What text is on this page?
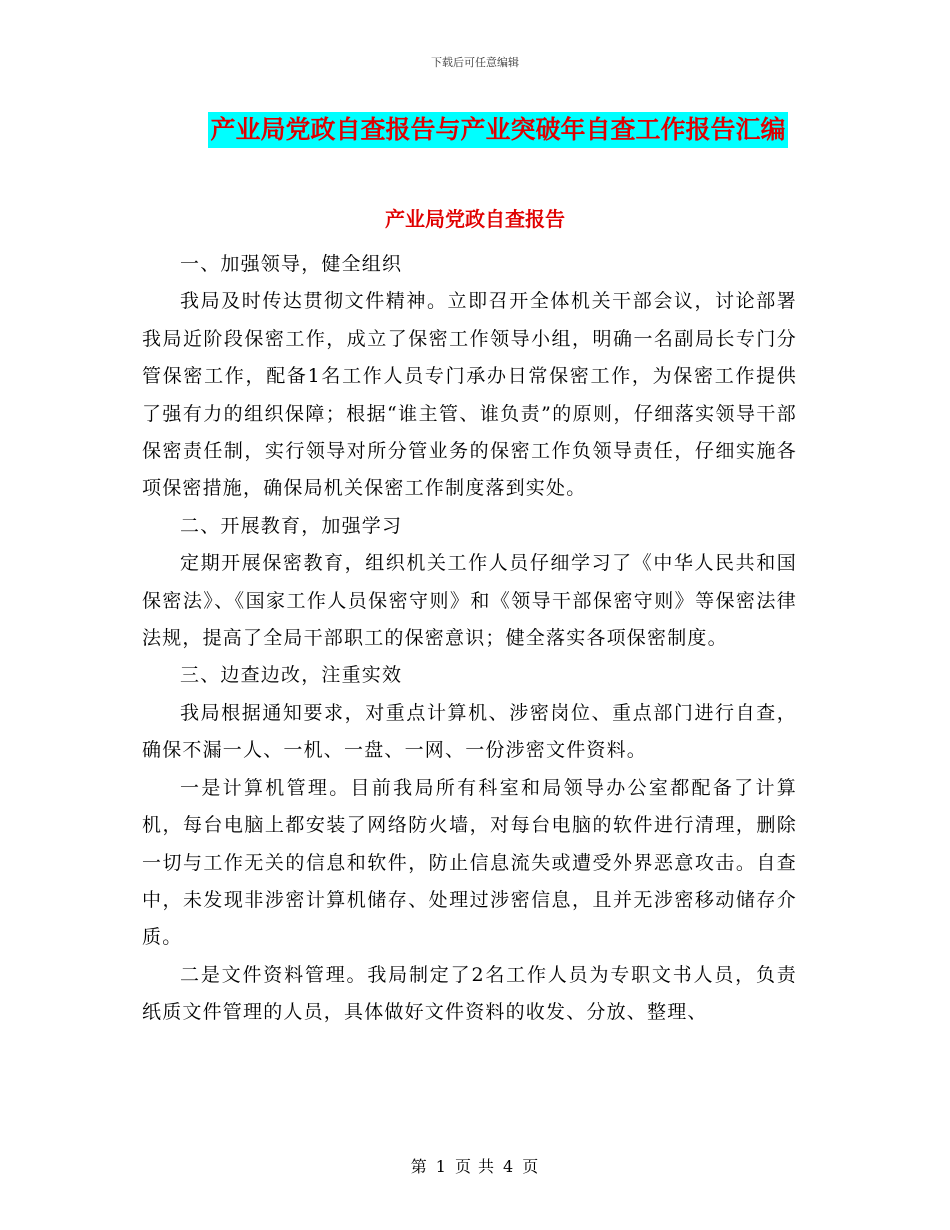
下载后可任意编辑
产业局党政自查报告与产业突破年自查工作报告汇编
产业局党政自查报告

一、加强领导，健全组织

我局及时传达贯彻文件精神。立即召开全体机关干部会议，讨论部署我局近阶段保密工作，成立了保密工作领导小组，明确一名副局长专门分管保密工作，配备1名工作人员专门承办日常保密工作，为保密工作提供了强有力的组织保障；根据“谁主管、谁负责”的原则，仔细落实领导干部保密责任制，实行领导对所分管业务的保密工作负领导责任，仔细实施各项保密措施，确保局机关保密工作制度落到实处。

二、开展教育，加强学习

定期开展保密教育，组织机关工作人员仔细学习了《中华人民共和国保密法》、《国家工作人员保密守则》和《领导干部保密守则》等保密法律法规，提高了全局干部职工的保密意识；健全落实各项保密制度。

三、边查边改，注重实效

我局根据通知要求，对重点计算机、涉密岗位、重点部门进行自查，确保不漏一人、一机、一盘、一网、一份涉密文件资料。

一是计算机管理。目前我局所有科室和局领导办公室都配备了计算机，每台电脑上都安装了网络防火墙，对每台电脑的软件进行清理，删除一切与工作无关的信息和软件，防止信息流失或遭受外界恶意攻击。自查中，未发现非涉密计算机储存、处理过涉密信息，且并无涉密移动储存介质。

二是文件资料管理。我局制定了2名工作人员为专职文书人员，负责纸质文件管理的人员，具体做好文件资料的收发、分放、整理、

第 1 页 共 4 页
